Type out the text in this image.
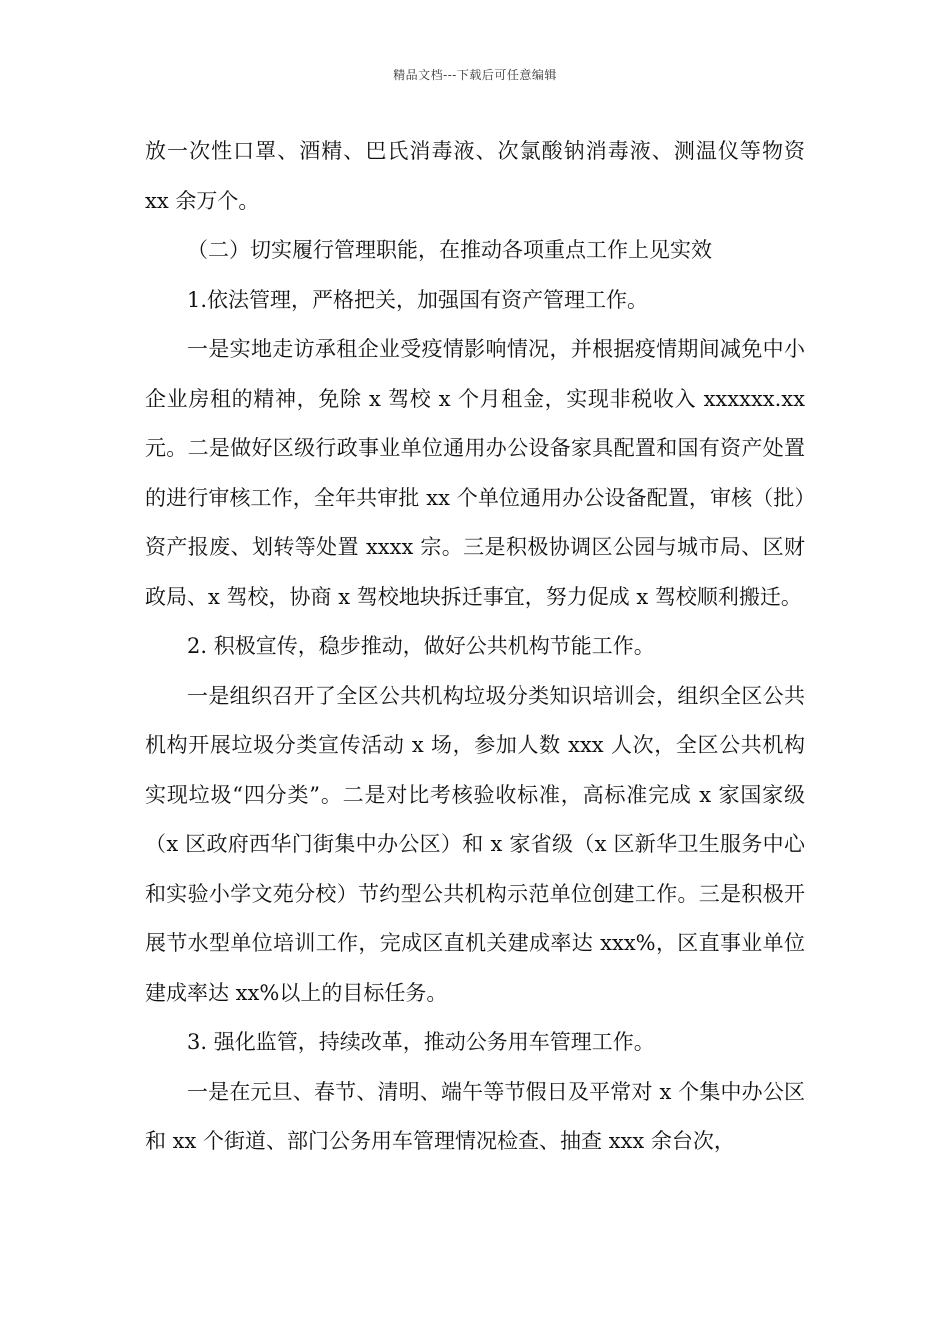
精品文档---下载后可任意编辑

放一次性口罩、酒精、巴氏消毒液、次氯酸钠消毒液、测温仪等物资 xx 余万个。

（二）切实履行管理职能，在推动各项重点工作上见实效

1.依法管理，严格把关，加强国有资产管理工作。

一是实地走访承租企业受疫情影响情况，并根据疫情期间减免中小企业房租的精神，免除 x 驾校 x 个月租金，实现非税收入 xxxxxx.xx 元。二是做好区级行政事业单位通用办公设备家具配置和国有资产处置的进行审核工作，全年共审批 xx 个单位通用办公设备配置，审核（批）资产报废、划转等处置 xxxx 宗。三是积极协调区公园与城市局、区财政局、x 驾校，协商 x 驾校地块拆迁事宜，努力促成 x 驾校顺利搬迁。

2. 积极宣传，稳步推动，做好公共机构节能工作。

一是组织召开了全区公共机构垃圾分类知识培训会，组织全区公共机构开展垃圾分类宣传活动 x 场，参加人数 xxx 人次，全区公共机构实现垃圾“四分类”。二是对比考核验收标准，高标准完成 x 家国家级（x 区政府西华门街集中办公区）和 x 家省级（x 区新华卫生服务中心和实验小学文苑分校）节约型公共机构示范单位创建工作。三是积极开展节水型单位培训工作，完成区直机关建成率达 xxx%，区直事业单位建成率达 xx%以上的目标任务。

3. 强化监管，持续改革，推动公务用车管理工作。

一是在元旦、春节、清明、端午等节假日及平常对 x 个集中办公区和 xx 个街道、部门公务用车管理情况检查、抽查 xxx 余台次，
